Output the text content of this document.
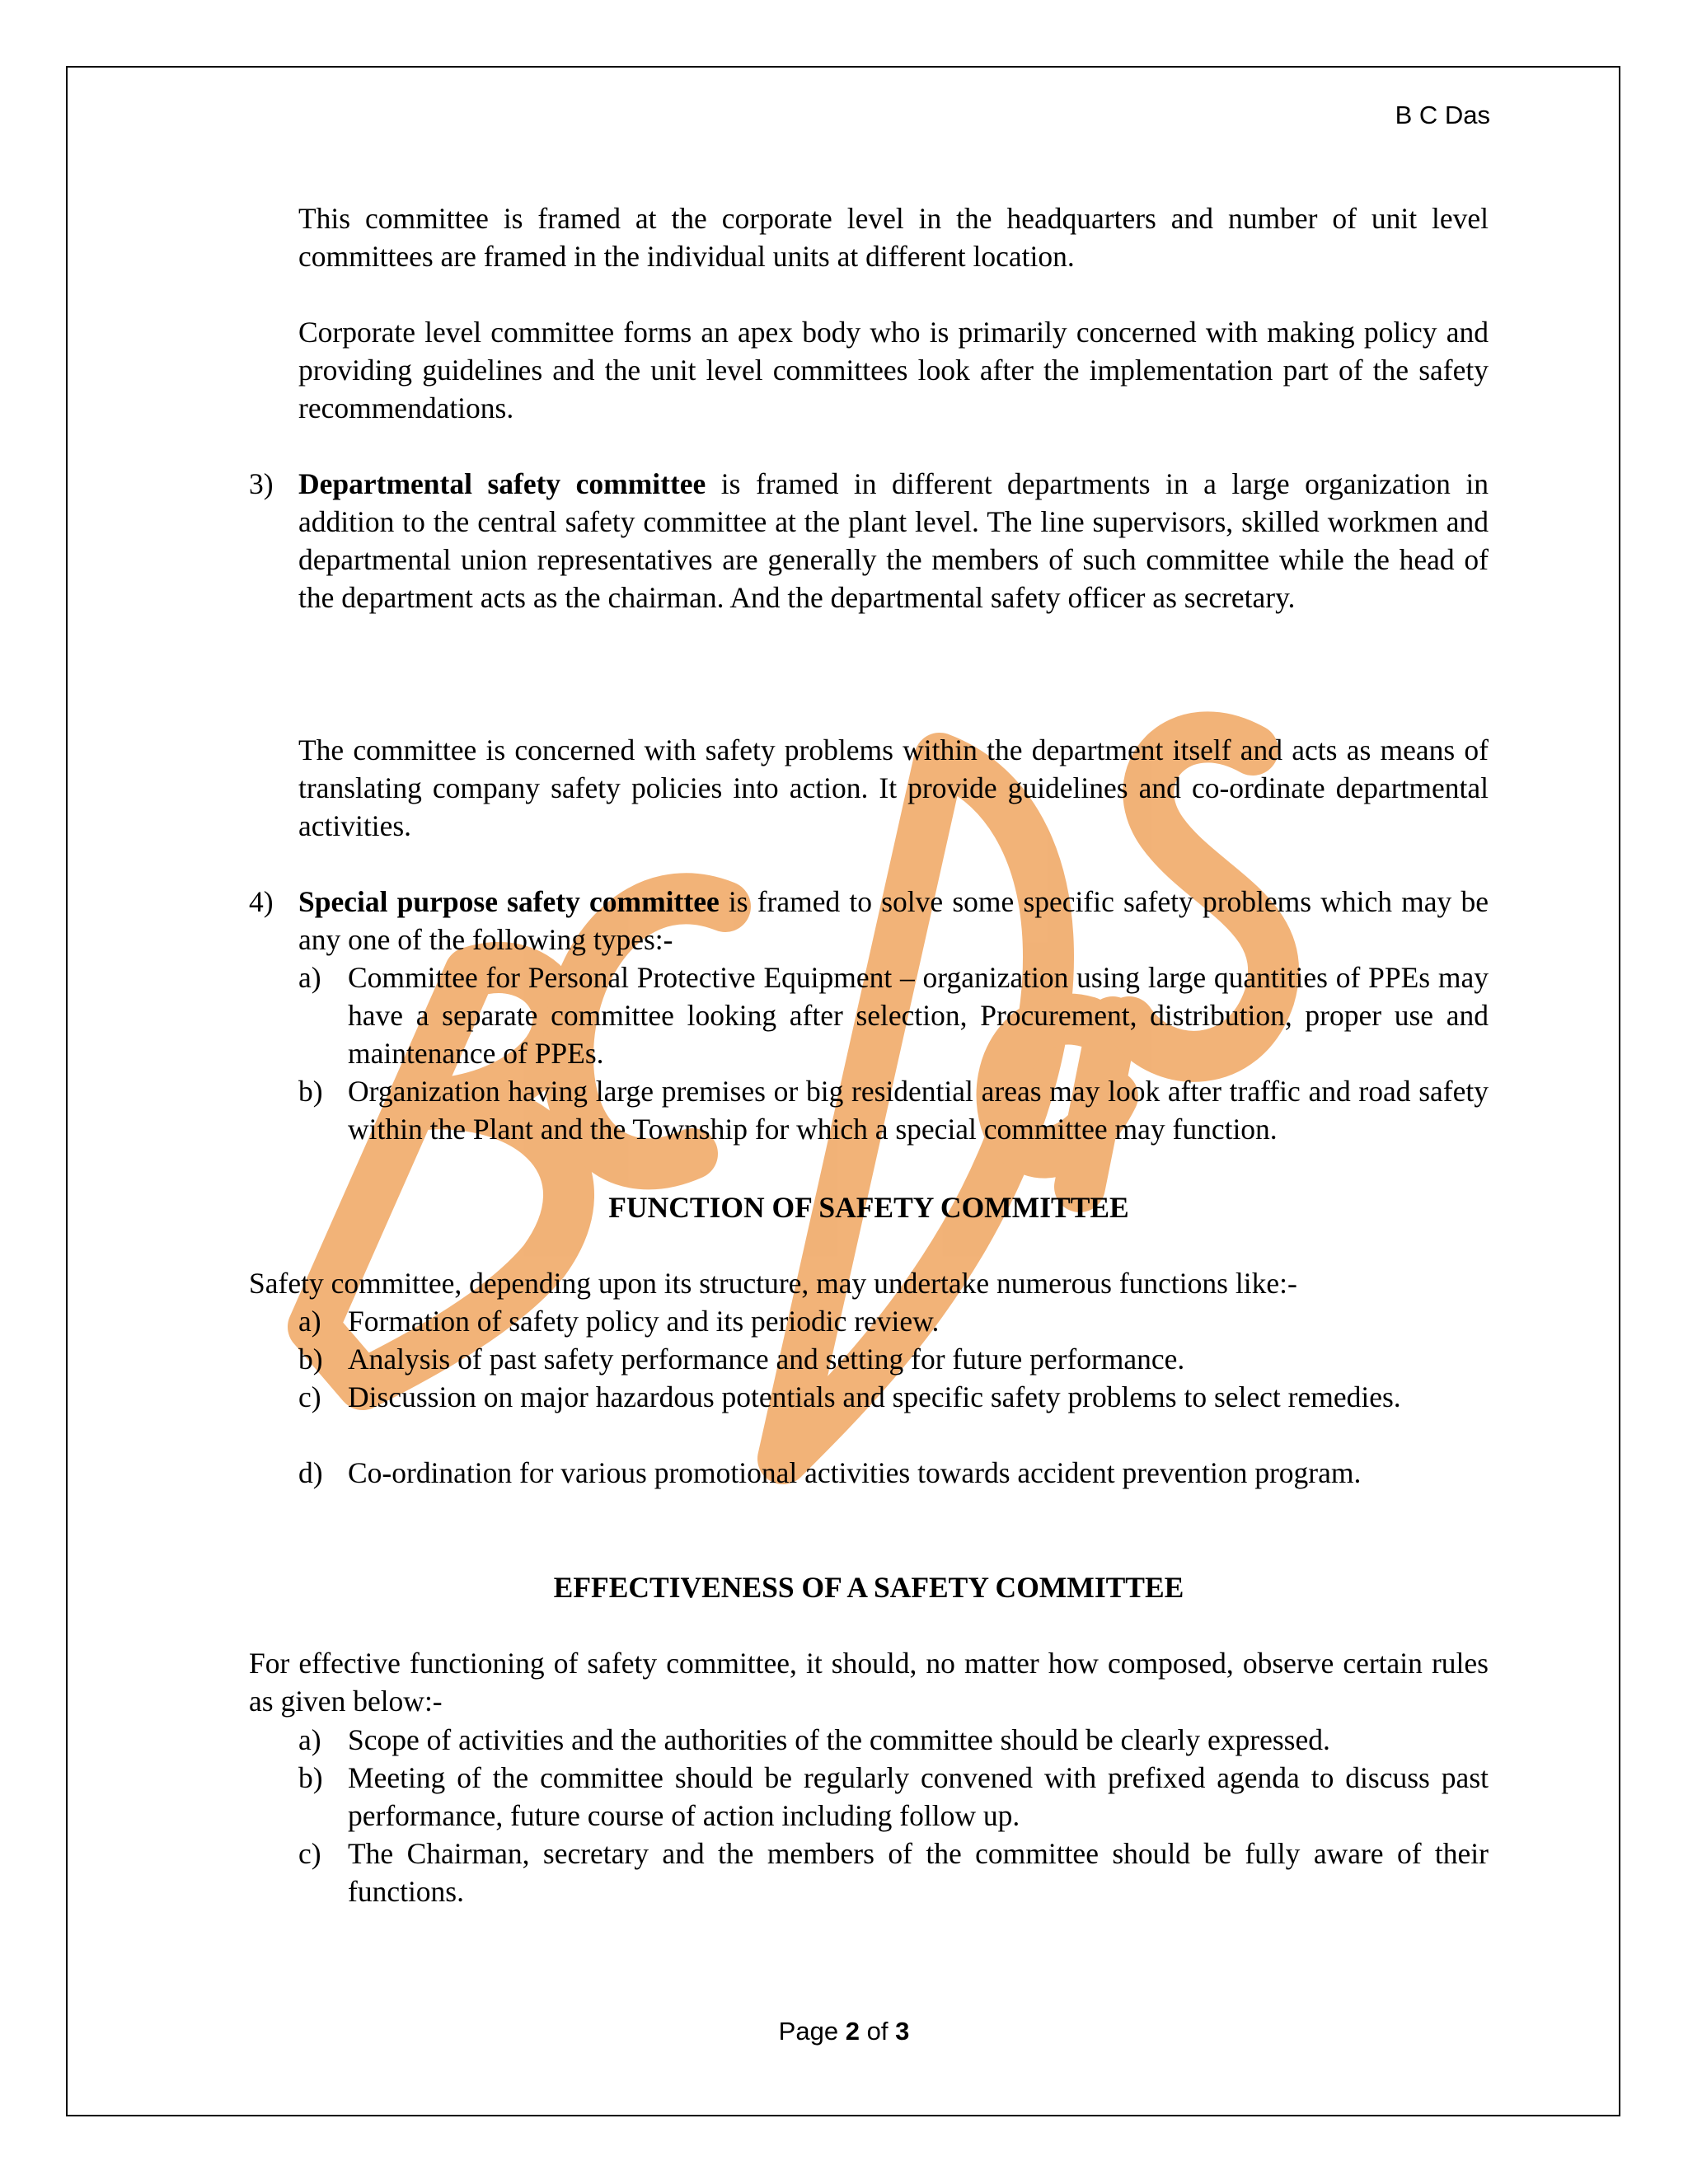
B C Das
This committee is framed at the corporate level in the headquarters and number of unit level committees are framed in the individual units at different location.
Corporate level committee forms an apex body who is primarily concerned with making policy and providing guidelines and the unit level committees look after the implementation part of the safety recommendations.
3) Departmental safety committee is framed in different departments in a large organization in addition to the central safety committee at the plant level. The line supervisors, skilled workmen and departmental union representatives are generally the members of such committee while the head of the department acts as the chairman. And the departmental safety officer as secretary.
The committee is concerned with safety problems within the department itself and acts as means of translating company safety policies into action. It provide guidelines and co-ordinate departmental activities.
4) Special purpose safety committee is framed to solve some specific safety problems which may be any one of the following types:-
a) Committee for Personal Protective Equipment – organization using large quantities of PPEs may have a separate committee looking after selection, Procurement, distribution, proper use and maintenance of PPEs.
b) Organization having large premises or big residential areas may look after traffic and road safety within the Plant and the Township for which a special committee may function.
FUNCTION OF SAFETY COMMITTEE
Safety committee, depending upon its structure, may undertake numerous functions like:-
a) Formation of safety policy and its periodic review.
b) Analysis of past safety performance and setting for future performance.
c) Discussion on major hazardous potentials and specific safety problems to select remedies.
d) Co-ordination for various promotional activities towards accident prevention program.
EFFECTIVENESS OF A SAFETY COMMITTEE
For effective functioning of safety committee, it should, no matter how composed, observe certain rules as given below:-
a) Scope of activities and the authorities of the committee should be clearly expressed.
b) Meeting of the committee should be regularly convened with prefixed agenda to discuss past performance, future course of action including follow up.
c) The Chairman, secretary and the members of the committee should be fully aware of their functions.
Page 2 of 3
